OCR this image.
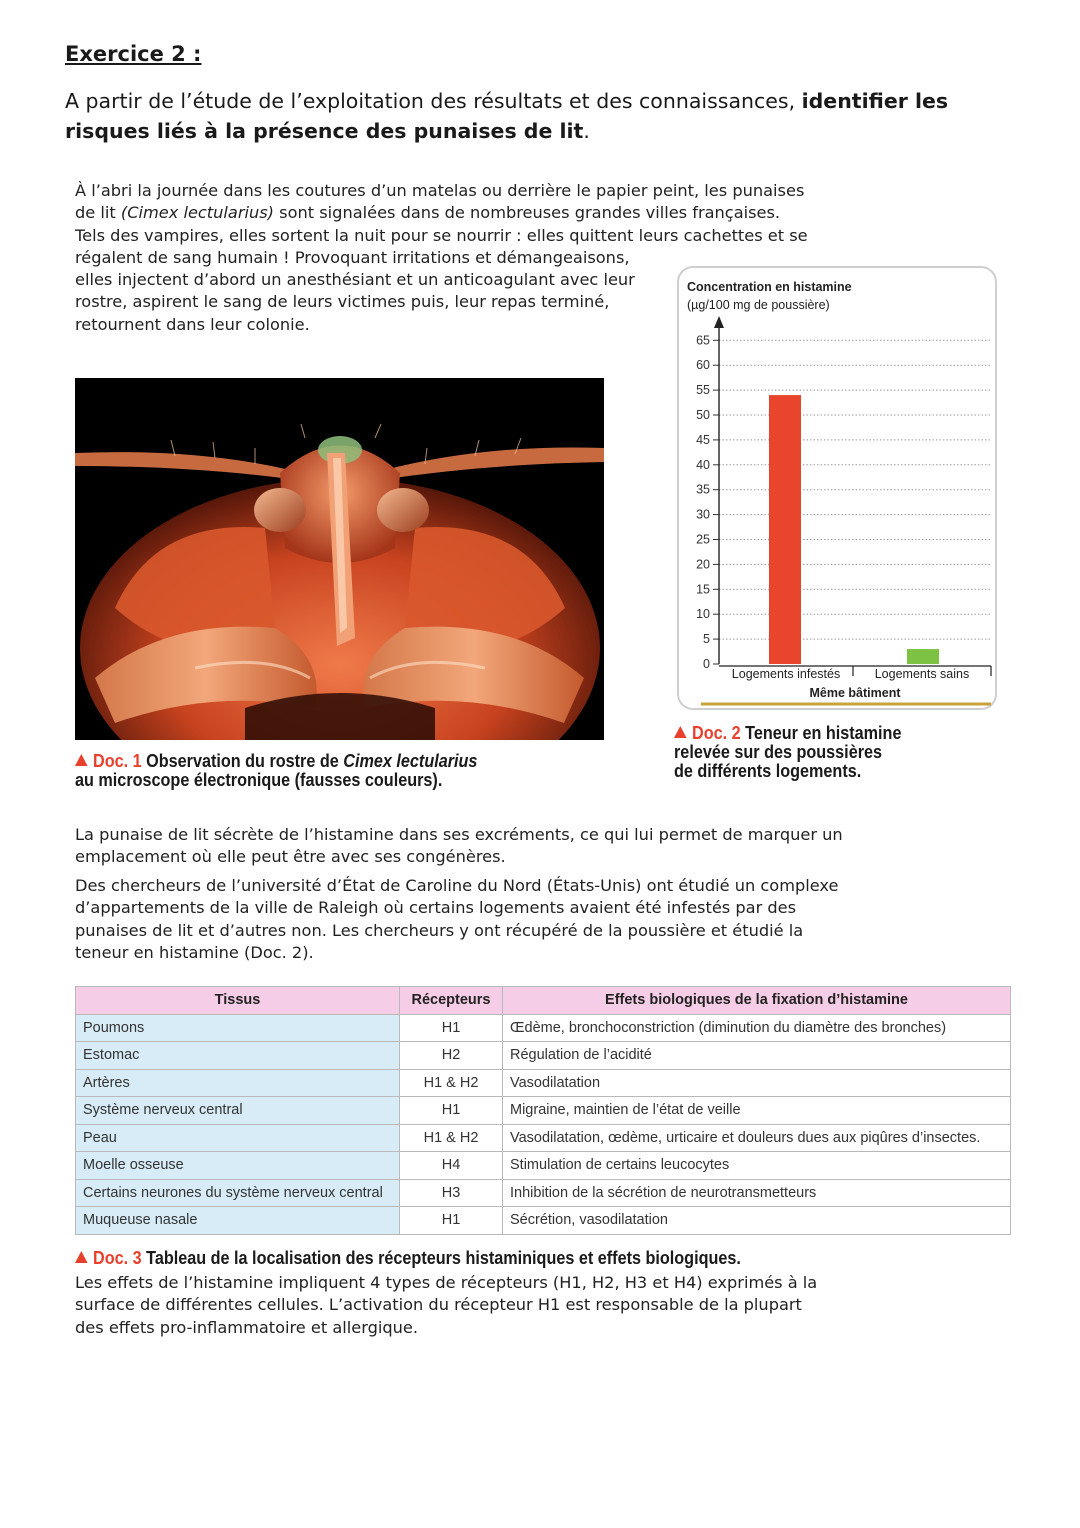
Exercice 2 :

A partir de l’étude de l’exploitation des résultats et des connaissances, identifier les risques liés à la présence des punaises de lit.

À l’abri la journée dans les coutures d’un matelas ou derrière le papier peint, les punaises de lit (Cimex lectularius) sont signalées dans de nombreuses grandes villes françaises. Tels des vampires, elles sortent la nuit pour se nourrir : elles quittent leurs cachettes et se régalent de sang humain ! Provoquant irritations et démangeaisons,

elles injectent d’abord un anesthésiant et un anticoagulant avec leur rostre, aspirent le sang de leurs victimes puis, leur repas terminé, retournent dans leur colonie.

Doc. 1 Observation du rostre de Cimex lectularius
au microscope électronique (fausses couleurs).
Concentration en histamine
(µg/100 mg de poussière)
0
5
10
15
20
25
30
35
40
45
50
55
60
65
Logements infestés	Logements sains
Même bâtiment
Doc. 2 Teneur en histamine
relevée sur des poussières
de différents logements.

La punaise de lit sécrète de l’histamine dans ses excréments, ce qui lui permet de marquer un emplacement où elle peut être avec ses congénères.

Des chercheurs de l’université d’État de Caroline du Nord (États-Unis) ont étudié un complexe d’appartements de la ville de Raleigh où certains logements avaient été infestés par des punaises de lit et d’autres non. Les chercheurs y ont récupéré de la poussière et étudié la teneur en histamine (Doc. 2).

Tissus	Récepteurs	Effets biologiques de la fixation d’histamine
Poumons	H1	Œdème, bronchoconstriction (diminution du diamètre des bronches)
Estomac	H2	Régulation de l’acidité
Artères	H1 & H2	Vasodilatation
Système nerveux central	H1	Migraine, maintien de l’état de veille
Peau	H1 & H2	Vasodilatation, œdème, urticaire et douleurs dues aux piqûres d’insectes.
Moelle osseuse	H4	Stimulation de certains leucocytes
Certains neurones du système nerveux central	H3	Inhibition de la sécrétion de neurotransmetteurs
Muqueuse nasale	H1	Sécrétion, vasodilatation
Doc. 3 Tableau de la localisation des récepteurs histaminiques et effets biologiques.

Les effets de l’histamine impliquent 4 types de récepteurs (H1, H2, H3 et H4) exprimés à la surface de différentes cellules. L’activation du récepteur H1 est responsable de la plupart des effets pro-inflammatoire et allergique.
